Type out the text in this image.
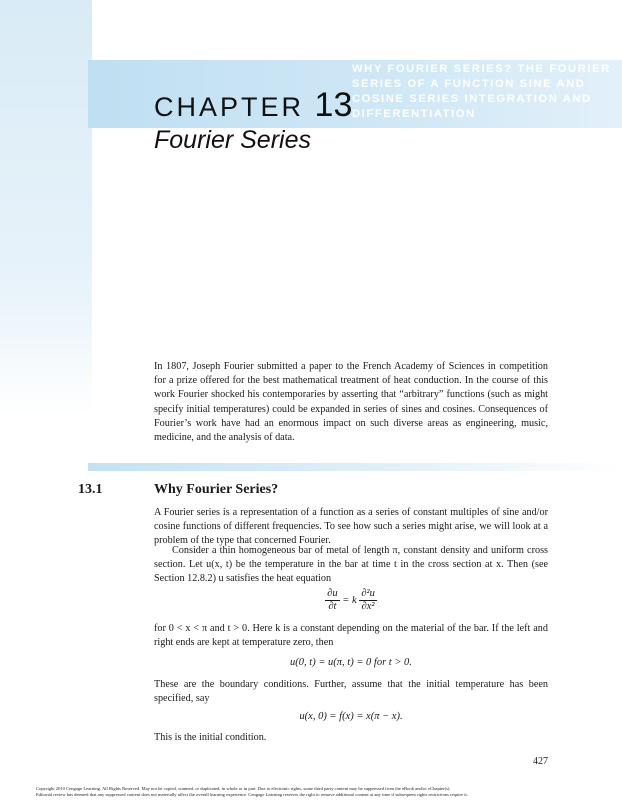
CHAPTER 13
WHY FOURIER SERIES? THE FOURIER
SERIES OF A FUNCTION SINE AND
COSINE SERIES INTEGRATION AND
DIFFERENTIATION
Fourier Series
In 1807, Joseph Fourier submitted a paper to the French Academy of Sciences in competition for a prize offered for the best mathematical treatment of heat conduction. In the course of this work Fourier shocked his contemporaries by asserting that “arbitrary” functions (such as might specify initial temperatures) could be expanded in series of sines and cosines. Consequences of Fourier’s work have had an enormous impact on such diverse areas as engineering, music, medicine, and the analysis of data.
13.1	Why Fourier Series?
A Fourier series is a representation of a function as a series of constant multiples of sine and/or cosine functions of different frequencies. To see how such a series might arise, we will look at a problem of the type that concerned Fourier.
Consider a thin homogeneous bar of metal of length π, constant density and uniform cross section. Let u(x, t) be the temperature in the bar at time t in the cross section at x. Then (see Section 12.8.2) u satisfies the heat equation
$\frac{\partial u}{\partial t} = k \frac{\text{∂²u}}{\text{∂x²}}$
for 0 < x < π and t > 0. Here k is a constant depending on the material of the bar. If the left and right ends are kept at temperature zero, then
u(0, t) = u(π, t) = 0 for t > 0.
These are the boundary conditions. Further, assume that the initial temperature has been specified, say
u(x, 0) = f(x) = x(π − x).
This is the initial condition.
427
Copyright 2010 Cengage Learning. All Rights Reserved. May not be copied, scanned, or duplicated, in whole or in part. Due to electronic rights, some third party content may be suppressed from the eBook and/or eChapter(s).
Editorial review has deemed that any suppressed content does not materially affect the overall learning experience. Cengage Learning reserves the right to remove additional content at any time if subsequent rights restrictions require it.
